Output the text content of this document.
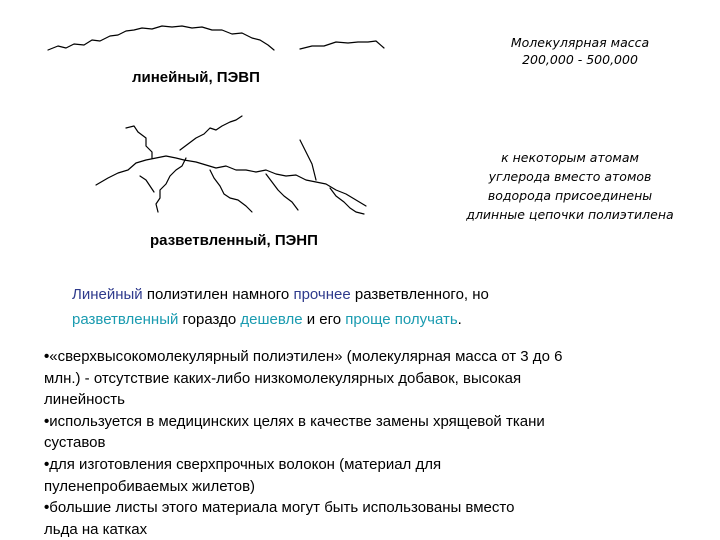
линейный, ПЭВП
разветвленный, ПЭНП
Молекулярная масса
200,000 - 500,000
к некоторым атомам
углерода вместо атомов
водорода присоединены
длинные цепочки полиэтилена
Линейный полиэтилен намного прочнее разветвленного, но
разветвленный гораздо дешевле и его проще получать.
•«сверхвысокомолекулярный полиэтилен» (молекулярная масса от 3 до 6
млн.) - отсутствие каких-либо низкомолекулярных добавок, высокая
линейность
•используется в медицинских целях в качестве замены хрящевой ткани
суставов
•для изготовления сверхпрочных волокон (материал для
пуленепробиваемых жилетов)
•большие листы этого материала могут быть использованы вместо
льда на катках
